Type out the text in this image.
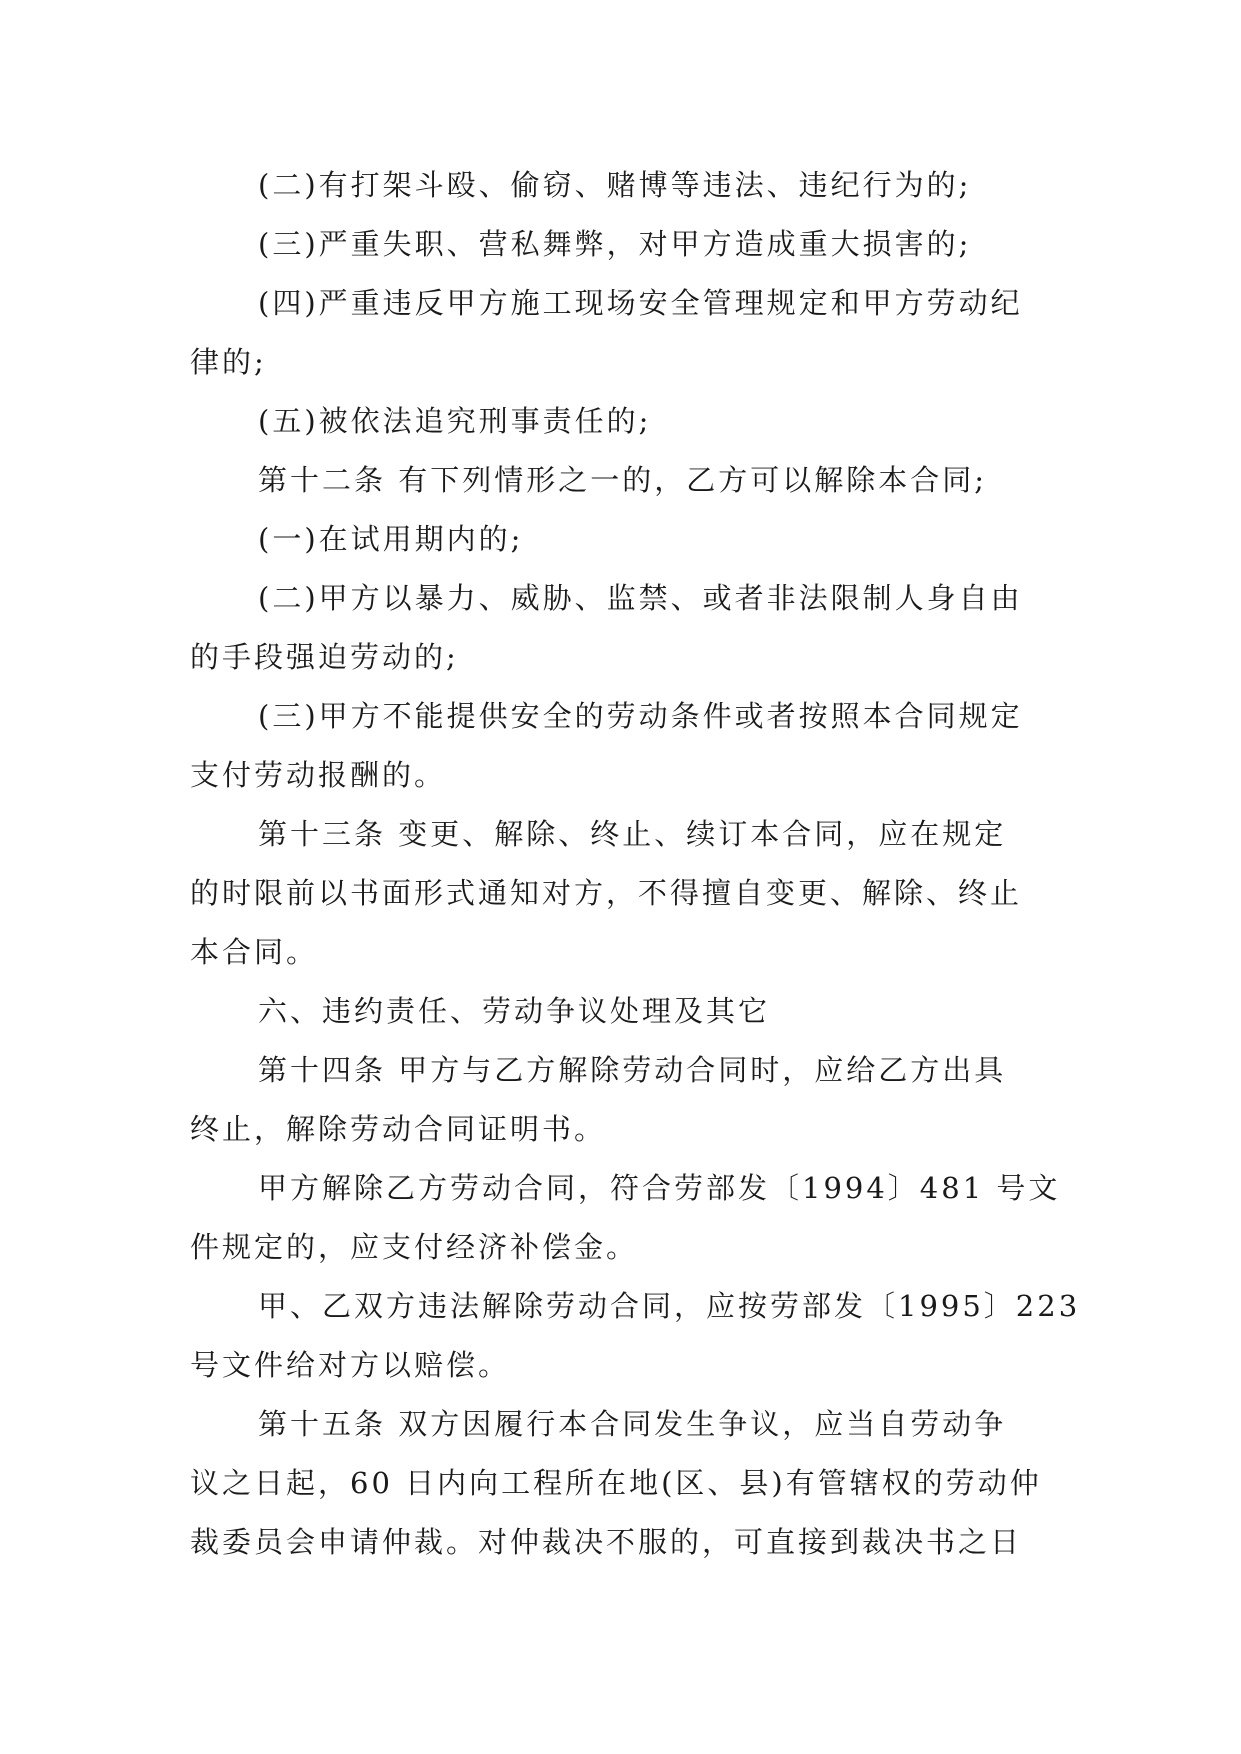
(二)有打架斗殴、偷窃、赌博等违法、违纪行为的;
(三)严重失职、营私舞弊，对甲方造成重大损害的;
(四)严重违反甲方施工现场安全管理规定和甲方劳动纪
律的;
(五)被依法追究刑事责任的;
第十二条 有下列情形之一的，乙方可以解除本合同;
(一)在试用期内的;
(二)甲方以暴力、威胁、监禁、或者非法限制人身自由
的手段强迫劳动的;
(三)甲方不能提供安全的劳动条件或者按照本合同规定
支付劳动报酬的。
第十三条 变更、解除、终止、续订本合同，应在规定
的时限前以书面形式通知对方，不得擅自变更、解除、终止
本合同。
六、违约责任、劳动争议处理及其它
第十四条 甲方与乙方解除劳动合同时，应给乙方出具
终止，解除劳动合同证明书。
甲方解除乙方劳动合同，符合劳部发〔1994〕481 号文
件规定的，应支付经济补偿金。
甲、乙双方违法解除劳动合同，应按劳部发〔1995〕223
号文件给对方以赔偿。
第十五条 双方因履行本合同发生争议，应当自劳动争
议之日起，60 日内向工程所在地(区、县)有管辖权的劳动仲
裁委员会申请仲裁。对仲裁决不服的，可直接到裁决书之日
